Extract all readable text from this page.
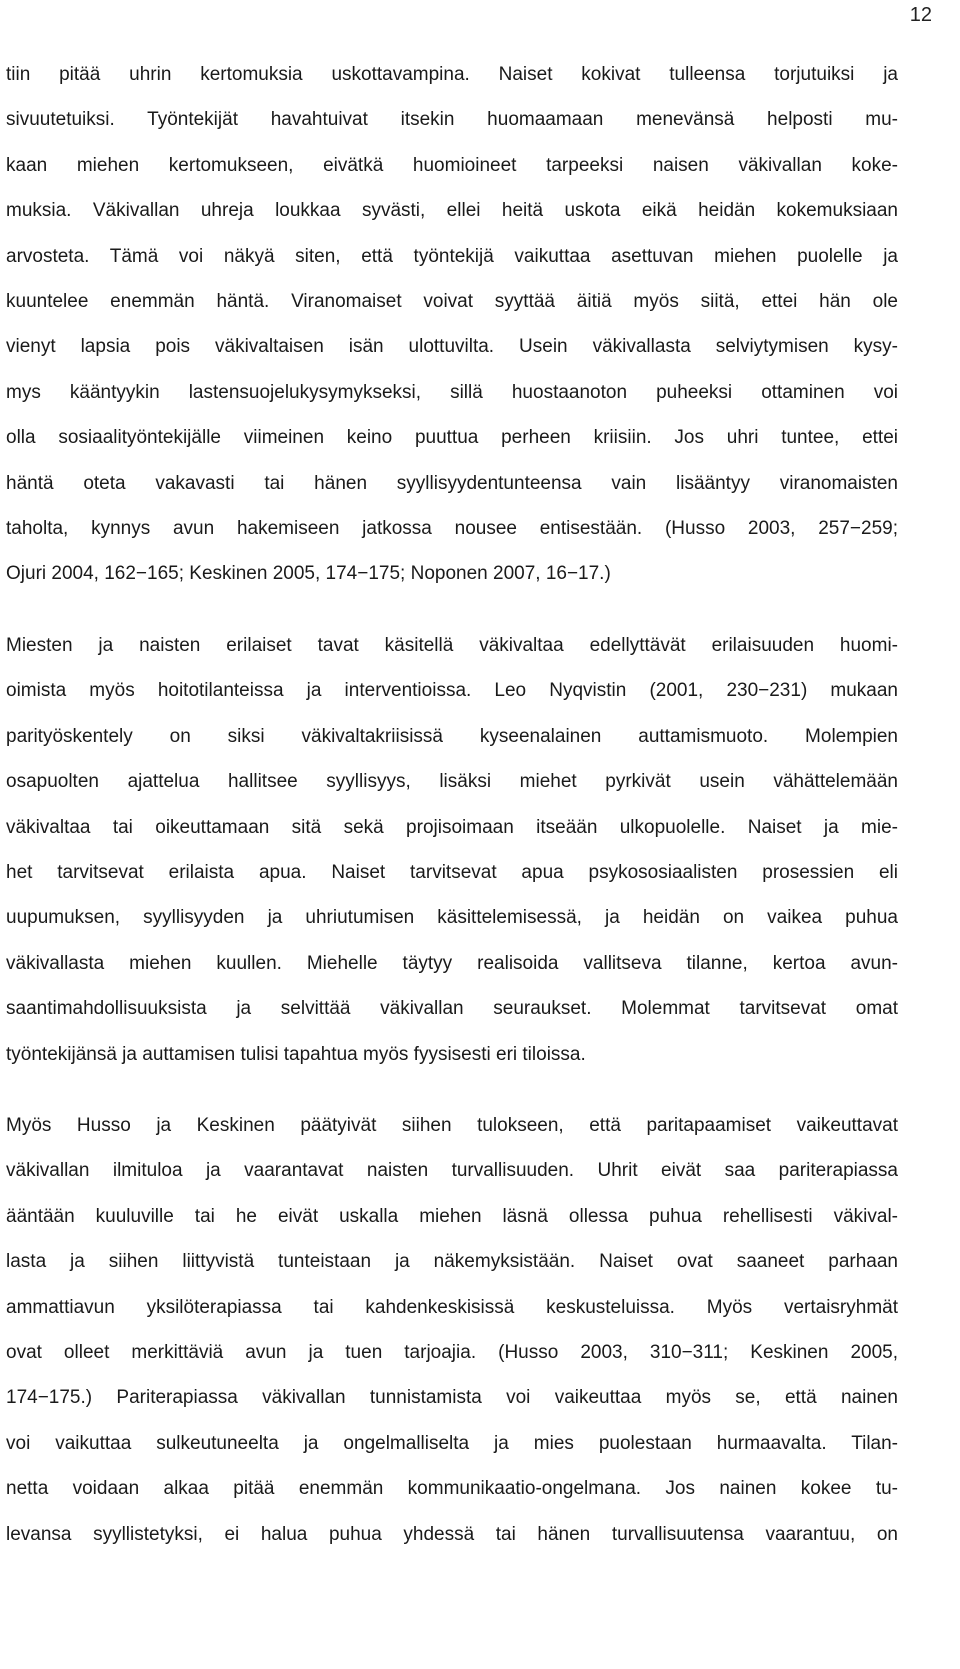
12

tiin pitää uhrin kertomuksia uskottavampina. Naiset kokivat tulleensa torjutuiksi ja
sivuutetuiksi. Työntekijät havahtuivat itsekin huomaamaan menevänsä helposti mu-
kaan miehen kertomukseen, eivätkä huomioineet tarpeeksi naisen väkivallan koke-
muksia. Väkivallan uhreja loukkaa syvästi, ellei heitä uskota eikä heidän kokemuksiaan
arvosteta. Tämä voi näkyä siten, että työntekijä vaikuttaa asettuvan miehen puolelle ja
kuuntelee enemmän häntä. Viranomaiset voivat syyttää äitiä myös siitä, ettei hän ole
vienyt lapsia pois väkivaltaisen isän ulottuvilta. Usein väkivallasta selviytymisen kysy-
mys kääntyykin lastensuojelukysymykseksi, sillä huostaanoton puheeksi ottaminen voi
olla sosiaalityöntekijälle viimeinen keino puuttua perheen kriisiin. Jos uhri tuntee, ettei
häntä oteta vakavasti tai hänen syyllisyydentunteensa vain lisääntyy viranomaisten
taholta, kynnys avun hakemiseen jatkossa nousee entisestään. (Husso 2003, 257−259;
Ojuri 2004, 162−165; Keskinen 2005, 174−175; Noponen 2007, 16−17.)

Miesten ja naisten erilaiset tavat käsitellä väkivaltaa edellyttävät erilaisuuden huomi-
oimista myös hoitotilanteissa ja interventioissa. Leo Nyqvistin (2001, 230−231) mukaan
parityöskentely on siksi väkivaltakriisissä kyseenalainen auttamismuoto. Molempien
osapuolten ajattelua hallitsee syyllisyys, lisäksi miehet pyrkivät usein vähättelemään
väkivaltaa tai oikeuttamaan sitä sekä projisoimaan itseään ulkopuolelle. Naiset ja mie-
het tarvitsevat erilaista apua. Naiset tarvitsevat apua psykososiaalisten prosessien eli
uupumuksen, syyllisyyden ja uhriutumisen käsittelemisessä, ja heidän on vaikea puhua
väkivallasta miehen kuullen. Miehelle täytyy realisoida vallitseva tilanne, kertoa avun-
saantimahdollisuuksista ja selvittää väkivallan seuraukset. Molemmat tarvitsevat omat
työntekijänsä ja auttamisen tulisi tapahtua myös fyysisesti eri tiloissa.

Myös Husso ja Keskinen päätyivät siihen tulokseen, että paritapaamiset vaikeuttavat
väkivallan ilmituloa ja vaarantavat naisten turvallisuuden. Uhrit eivät saa pariterapiassa
ääntään kuuluville tai he eivät uskalla miehen läsnä ollessa puhua rehellisesti väkival-
lasta ja siihen liittyvistä tunteistaan ja näkemyksistään. Naiset ovat saaneet parhaan
ammattiavun yksilöterapiassa tai kahdenkeskisissä keskusteluissa. Myös vertaisryhmät
ovat olleet merkittäviä avun ja tuen tarjoajia. (Husso 2003, 310−311; Keskinen 2005,
174−175.) Pariterapiassa väkivallan tunnistamista voi vaikeuttaa myös se, että nainen
voi vaikuttaa sulkeutuneelta ja ongelmalliselta ja mies puolestaan hurmaavalta. Tilan-
netta voidaan alkaa pitää enemmän kommunikaatio-ongelmana. Jos nainen kokee tu-
levansa syyllistetyksi, ei halua puhua yhdessä tai hänen turvallisuutensa vaarantuu, on
